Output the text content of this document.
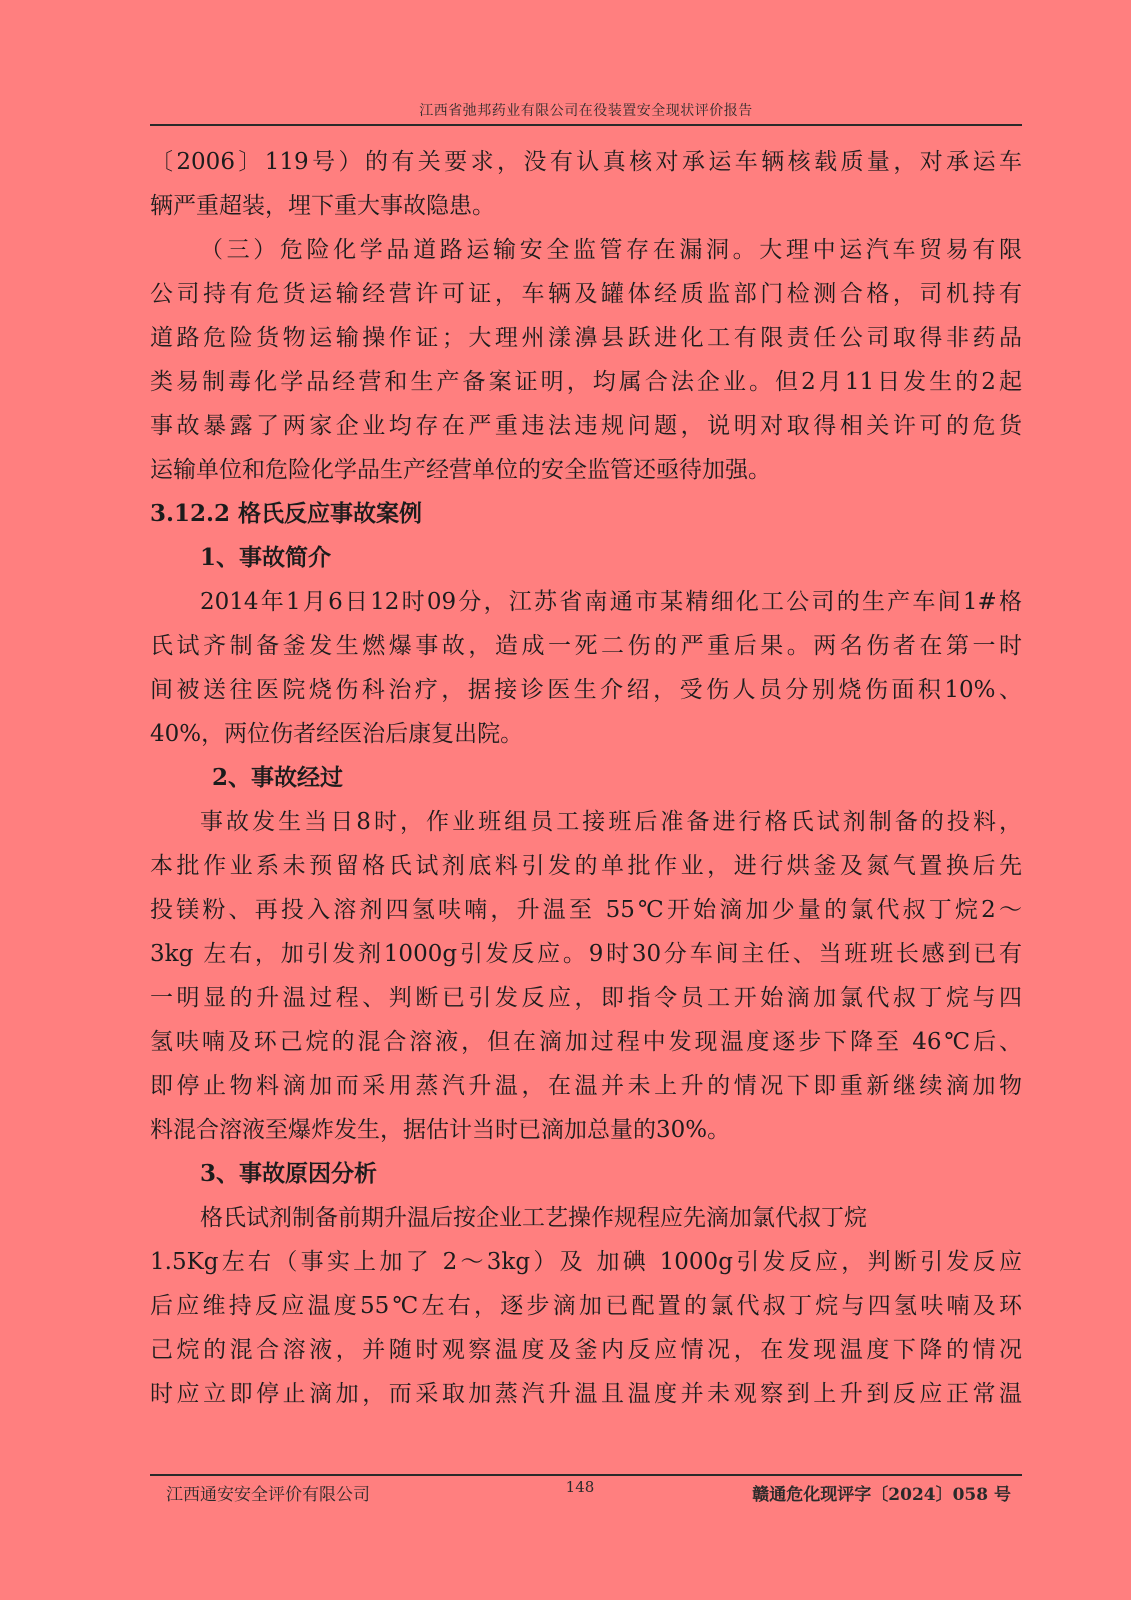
江西省弛邦药业有限公司在役装置安全现状评价报告
〔2006〕119号）的有关要求，没有认真核对承运车辆核载质量，对承运车
辆严重超装，埋下重大事故隐患。
（三）危险化学品道路运输安全监管存在漏洞。大理中运汽车贸易有限
公司持有危货运输经营许可证，车辆及罐体经质监部门检测合格，司机持有
道路危险货物运输操作证；大理州漾濞县跃进化工有限责任公司取得非药品
类易制毒化学品经营和生产备案证明，均属合法企业。但2月11日发生的2起
事故暴露了两家企业均存在严重违法违规问题，说明对取得相关许可的危货
运输单位和危险化学品生产经营单位的安全监管还亟待加强。
3.12.2 格氏反应事故案例
1、事故简介
2014年1月6日12时09分，江苏省南通市某精细化工公司的生产车间1#格
氏试齐制备釜发生燃爆事故，造成一死二伤的严重后果。两名伤者在第一时
间被送往医院烧伤科治疗，据接诊医生介绍，受伤人员分别烧伤面积10%、
40%，两位伤者经医治后康复出院。
2、事故经过
事故发生当日8时，作业班组员工接班后准备进行格氏试剂制备的投料，
本批作业系未预留格氏试剂底料引发的单批作业，进行烘釜及氮气置换后先
投镁粉、再投入溶剂四氢呋喃，升温至 55℃开始滴加少量的氯代叔丁烷2～
3kg 左右，加引发剂1000g引发反应。9时30分车间主任、当班班长感到已有
一明显的升温过程、判断已引发反应，即指令员工开始滴加氯代叔丁烷与四
氢呋喃及环己烷的混合溶液，但在滴加过程中发现温度逐步下降至 46℃后、
即停止物料滴加而采用蒸汽升温，在温并未上升的情况下即重新继续滴加物
料混合溶液至爆炸发生，据估计当时已滴加总量的30%。
3、事故原因分析
格氏试剂制备前期升温后按企业工艺操作规程应先滴加氯代叔丁烷
1.5Kg左右（事实上加了 2～3kg）及 加碘 1000g引发反应，判断引发反应
后应维持反应温度55℃左右，逐步滴加已配置的氯代叔丁烷与四氢呋喃及环
己烷的混合溶液，并随时观察温度及釜内反应情况，在发现温度下降的情况
时应立即停止滴加，而采取加蒸汽升温且温度并未观察到上升到反应正常温
江西通安安全评价有限公司	148	赣通危化现评字〔2024〕058 号
